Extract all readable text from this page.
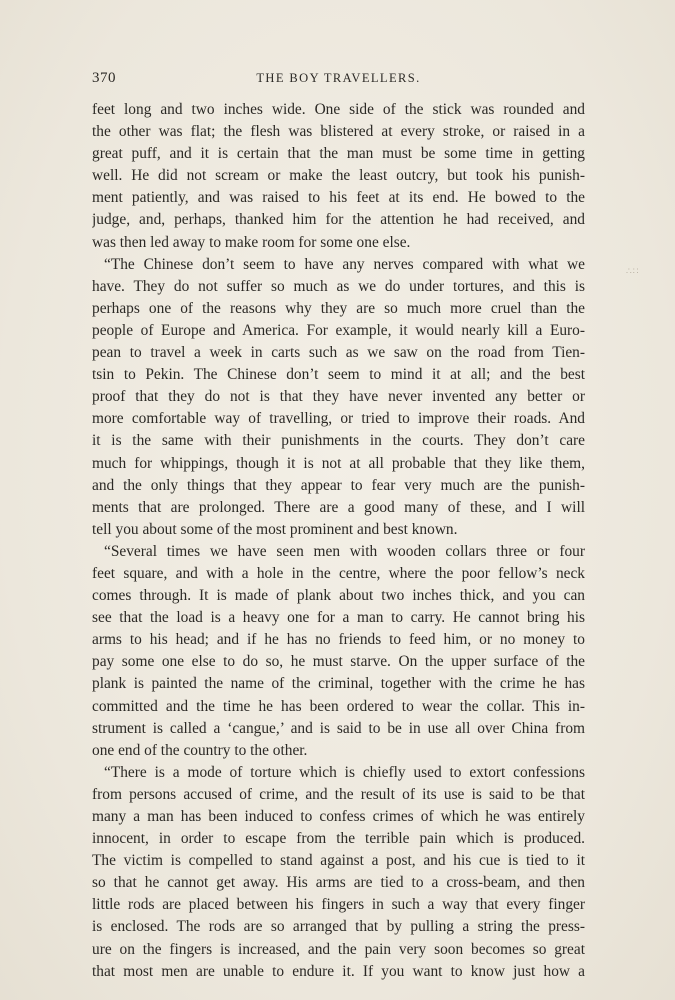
370	THE BOY TRAVELLERS.
feet long and two inches wide. One side of the stick was rounded and
the other was flat; the flesh was blistered at every stroke, or raised in a
great puff, and it is certain that the man must be some time in getting
well. He did not scream or make the least outcry, but took his punish-
ment patiently, and was raised to his feet at its end. He bowed to the
judge, and, perhaps, thanked him for the attention he had received, and
was then led away to make room for some one else.
“The Chinese don’t seem to have any nerves compared with what we
have. They do not suffer so much as we do under tortures, and this is
perhaps one of the reasons why they are so much more cruel than the
people of Europe and America. For example, it would nearly kill a Euro-
pean to travel a week in carts such as we saw on the road from Tien-
tsin to Pekin. The Chinese don’t seem to mind it at all; and the best
proof that they do not is that they have never invented any better or
more comfortable way of travelling, or tried to improve their roads. And
it is the same with their punishments in the courts. They don’t care
much for whippings, though it is not at all probable that they like them,
and the only things that they appear to fear very much are the punish-
ments that are prolonged. There are a good many of these, and I will
tell you about some of the most prominent and best known.
“Several times we have seen men with wooden collars three or four
feet square, and with a hole in the centre, where the poor fellow’s neck
comes through. It is made of plank about two inches thick, and you can
see that the load is a heavy one for a man to carry. He cannot bring his
arms to his head; and if he has no friends to feed him, or no money to
pay some one else to do so, he must starve. On the upper surface of the
plank is painted the name of the criminal, together with the crime he has
committed and the time he has been ordered to wear the collar. This in-
strument is called a ‘cangue,’ and is said to be in use all over China from
one end of the country to the other.
“There is a mode of torture which is chiefly used to extort confessions
from persons accused of crime, and the result of its use is said to be that
many a man has been induced to confess crimes of which he was entirely
innocent, in order to escape from the terrible pain which is produced.
The victim is compelled to stand against a post, and his cue is tied to it
so that he cannot get away. His arms are tied to a cross-beam, and then
little rods are placed between his fingers in such a way that every finger
is enclosed. The rods are so arranged that by pulling a string the press-
ure on the fingers is increased, and the pain very soon becomes so great
that most men are unable to endure it. If you want to know just how a
∴∷
